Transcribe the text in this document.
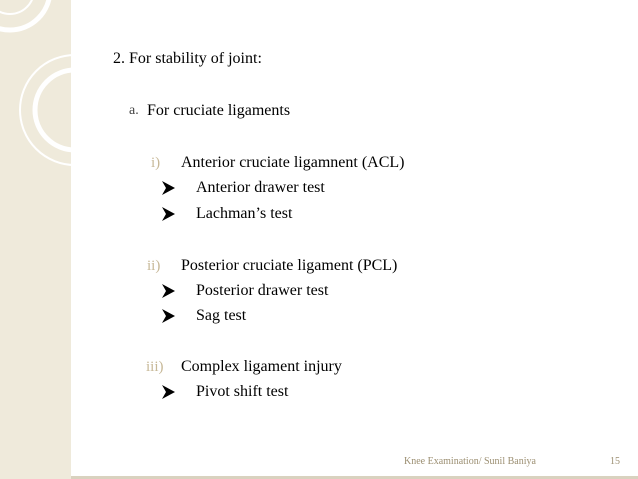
2. For stability of joint:
a. For cruciate ligaments
i) Anterior cruciate ligamnent (ACL)
Anterior drawer test
Lachman’s test
ii) Posterior cruciate ligament (PCL)
Posterior drawer test
Sag test
iii) Complex ligament injury
Pivot shift test
Knee Examination/ Sunil Baniya	15
